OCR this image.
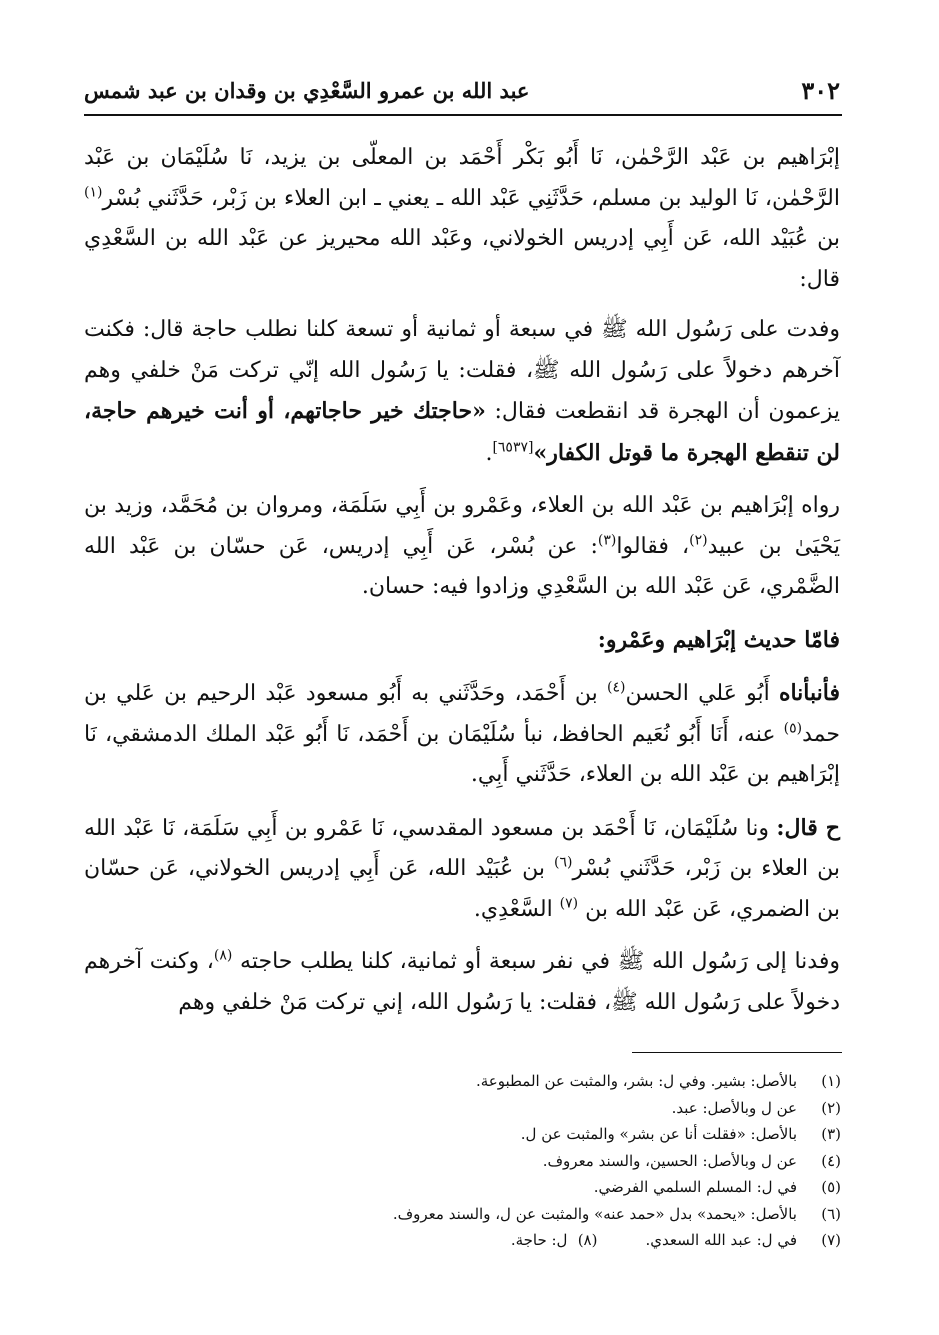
٣٠٢
عبد الله بن عمرو السَّعْدِي بن وقدان بن عبد شمس

إبْرَاهيم بن عَبْد الرَّحْمٰن، نَا أَبُو بَكْر أَحْمَد بن المعلّى بن يزيد، نَا سُلَيْمَان بن عَبْد الرَّحْمٰن، نَا الوليد بن مسلم، حَدَّثَنِي عَبْد الله ـ يعني ـ ابن العلاء بن زَبْر، حَدَّثَني بُسْر$^{(١)}$ بن عُبَيْد الله، عَن أَبِي إدريس الخولاني، وعَبْد الله محيريز عن عَبْد الله بن السَّعْدِي قال:

وفدت على رَسُول الله ﷺ في سبعة أو ثمانية أو تسعة كلنا نطلب حاجة قال: فكنت آخرهم دخولاً على رَسُول الله ﷺ، فقلت: يا رَسُول الله إنّي تركت مَنْ خلفي وهم يزعمون أن الهجرة قد انقطعت فقال: «حاجتك خير حاجاتهم، أو أنت خيرهم حاجة، لن تنقطع الهجرة ما قوتل الكفار»[٦٥٣٧].

رواه إبْرَاهيم بن عَبْد الله بن العلاء، وعَمْرو بن أَبِي سَلَمَة، ومروان بن مُحَمَّد، وزيد بن يَحْيَىٰ بن عبيد$^{(٢)}$، فقالوا$^{(٣)}$: عن بُسْر، عَن أَبِي إدريس، عَن حسّان بن عَبْد الله الضَّمْري، عَن عَبْد الله بن السَّعْدِي وزادوا فيه: حسان.

فامّا حديث إبْرَاهيم وعَمْرو:

فأنبأناه أَبُو عَلي الحسن$^{(٤)}$ بن أَحْمَد، وحَدَّثَني به أَبُو مسعود عَبْد الرحيم بن عَلي بن حمد$^{(٥)}$ عنه، أَنَا أَبُو نُعَيم الحافظ، نبأ سُلَيْمَان بن أَحْمَد، نَا أَبُو عَبْد الملك الدمشقي، نَا إبْرَاهيم بن عَبْد الله بن العلاء، حَدَّثَني أَبِي.

ح قال: ونا سُلَيْمَان، نَا أَحْمَد بن مسعود المقدسي، نَا عَمْرو بن أَبِي سَلَمَة، نَا عَبْد الله بن العلاء بن زَبْر، حَدَّثَني بُسْر$^{(٦)}$ بن عُبَيْد الله، عَن أَبِي إدريس الخولاني، عَن حسّان بن الضمري، عَن عَبْد الله بن $^{(٧)}$ السَّعْدِي.

وفدنا إلى رَسُول الله ﷺ في نفر سبعة أو ثمانية، كلنا يطلب حاجته $^{(٨)}$، وكنت آخرهم دخولاً على رَسُول الله ﷺ، فقلت: يا رَسُول الله، إني تركت مَنْ خلفي وهم

(١)
بالأصل: بشير. وفي ل: بشر، والمثبت عن المطبوعة.
(٢)
عن ل وبالأصل: عبد.
(٣)
بالأصل: «فقلت أنا عن بشر» والمثبت عن ل.
(٤)
عن ل وبالأصل: الحسين، والسند معروف.
(٥)
في ل: المسلم السلمي الفرضي.
(٦)
بالأصل: «يحمد» بدل «حمد عنه» والمثبت عن ل، والسند معروف.
(٧)
في ل: عبد الله السعدي.
(٨)
ل: حاجة.
